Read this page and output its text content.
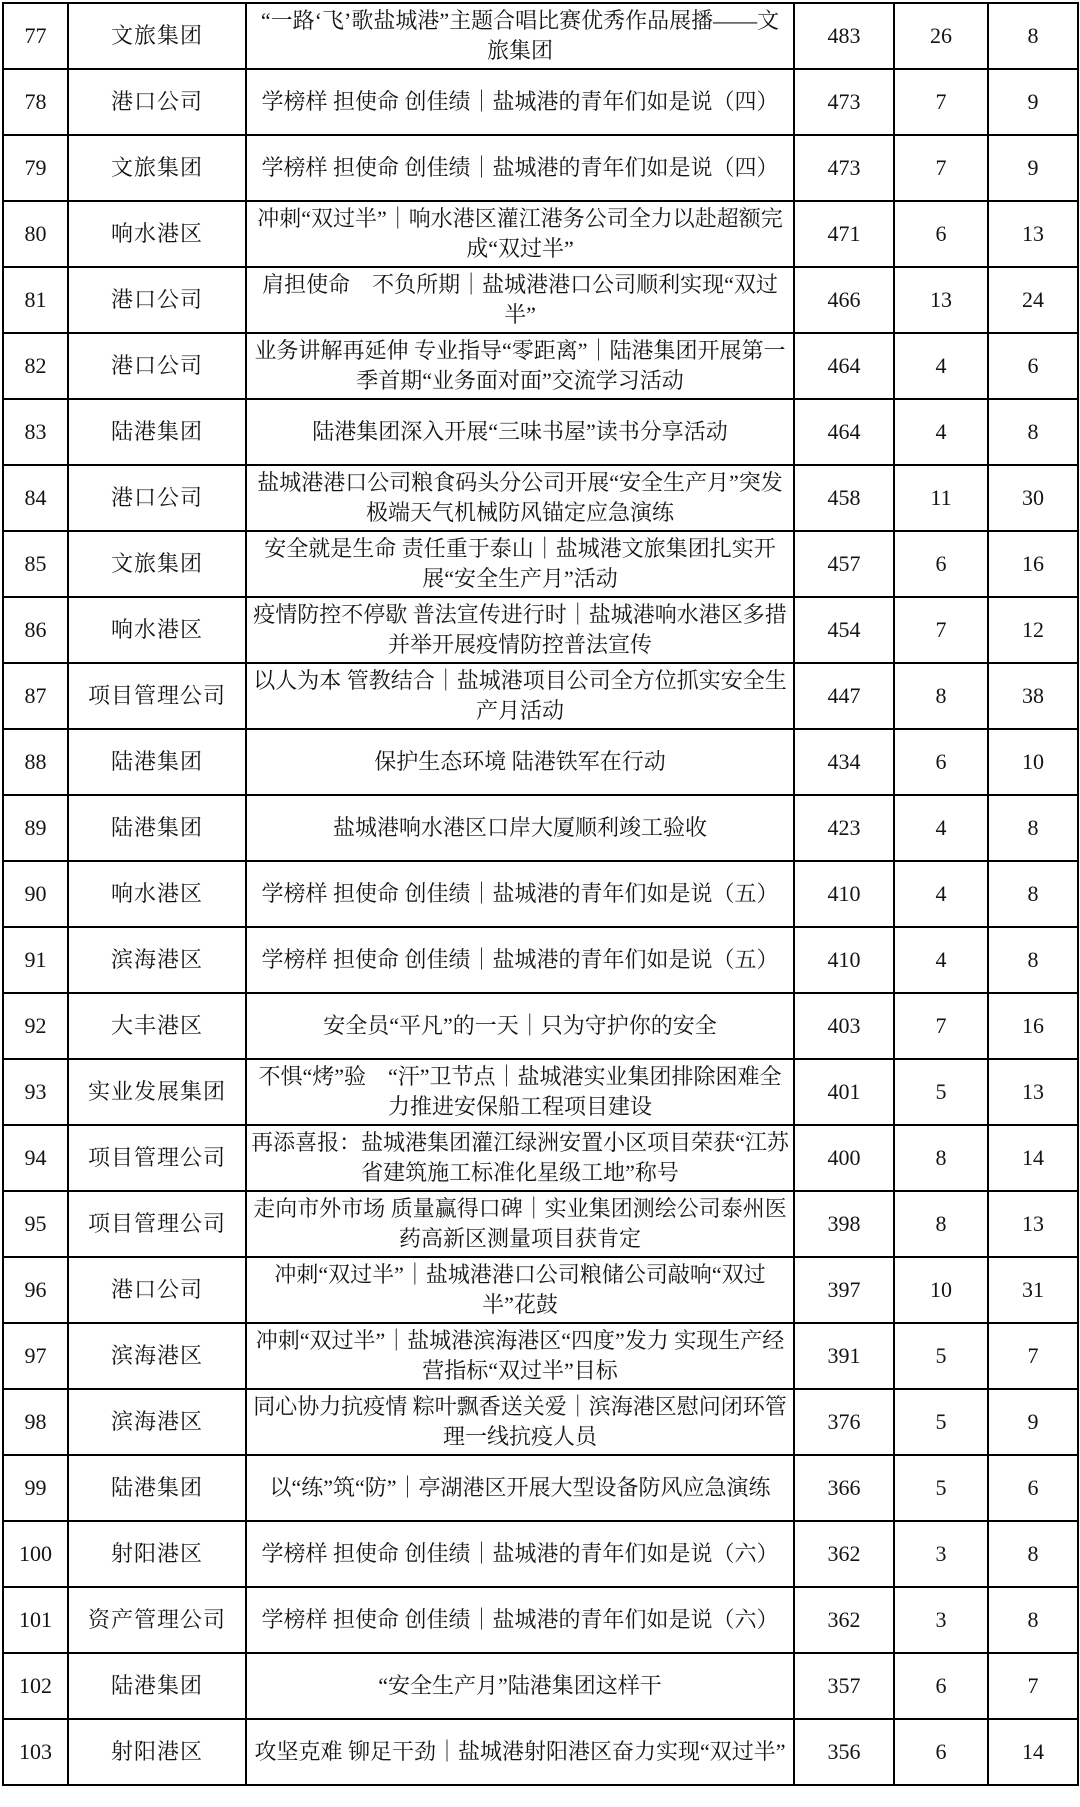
77	文旅集团	“一路‘飞’歌盐城港”主题合唱比赛优秀作品展播——文旅集团	483	26	8
78	港口公司	学榜样 担使命 创佳绩｜盐城港的青年们如是说（四）	473	7	9
79	文旅集团	学榜样 担使命 创佳绩｜盐城港的青年们如是说（四）	473	7	9
80	响水港区	冲刺“双过半”｜响水港区灌江港务公司全力以赴超额完成“双过半”	471	6	13
81	港口公司	肩担使命　不负所期｜盐城港港口公司顺利实现“双过半”	466	13	24
82	港口公司	业务讲解再延伸 专业指导“零距离”｜陆港集团开展第一季首期“业务面对面”交流学习活动	464	4	6
83	陆港集团	陆港集团深入开展“三味书屋”读书分享活动	464	4	8
84	港口公司	盐城港港口公司粮食码头分公司开展“安全生产月”突发极端天气机械防风锚定应急演练	458	11	30
85	文旅集团	安全就是生命 责任重于泰山｜盐城港文旅集团扎实开展“安全生产月”活动	457	6	16
86	响水港区	疫情防控不停歇 普法宣传进行时｜盐城港响水港区多措并举开展疫情防控普法宣传	454	7	12
87	项目管理公司	以人为本 管教结合｜盐城港项目公司全方位抓实安全生产月活动	447	8	38
88	陆港集团	保护生态环境 陆港铁军在行动	434	6	10
89	陆港集团	盐城港响水港区口岸大厦顺利竣工验收	423	4	8
90	响水港区	学榜样 担使命 创佳绩｜盐城港的青年们如是说（五）	410	4	8
91	滨海港区	学榜样 担使命 创佳绩｜盐城港的青年们如是说（五）	410	4	8
92	大丰港区	安全员“平凡”的一天｜只为守护你的安全	403	7	16
93	实业发展集团	不惧“烤”验　“汗”卫节点｜盐城港实业集团排除困难全力推进安保船工程项目建设	401	5	13
94	项目管理公司	再添喜报：盐城港集团灌江绿洲安置小区项目荣获“江苏省建筑施工标准化星级工地”称号	400	8	14
95	项目管理公司	走向市外市场 质量赢得口碑｜实业集团测绘公司泰州医药高新区测量项目获肯定	398	8	13
96	港口公司	冲刺“双过半”｜盐城港港口公司粮储公司敲响“双过半”花鼓	397	10	31
97	滨海港区	冲刺“双过半”｜盐城港滨海港区“四度”发力 实现生产经营指标“双过半”目标	391	5	7
98	滨海港区	同心协力抗疫情 粽叶飘香送关爱｜滨海港区慰问闭环管理一线抗疫人员	376	5	9
99	陆港集团	以“练”筑“防”｜亭湖港区开展大型设备防风应急演练	366	5	6
100	射阳港区	学榜样 担使命 创佳绩｜盐城港的青年们如是说（六）	362	3	8
101	资产管理公司	学榜样 担使命 创佳绩｜盐城港的青年们如是说（六）	362	3	8
102	陆港集团	“安全生产月”陆港集团这样干	357	6	7
103	射阳港区	攻坚克难 铆足干劲｜盐城港射阳港区奋力实现“双过半”	356	6	14
